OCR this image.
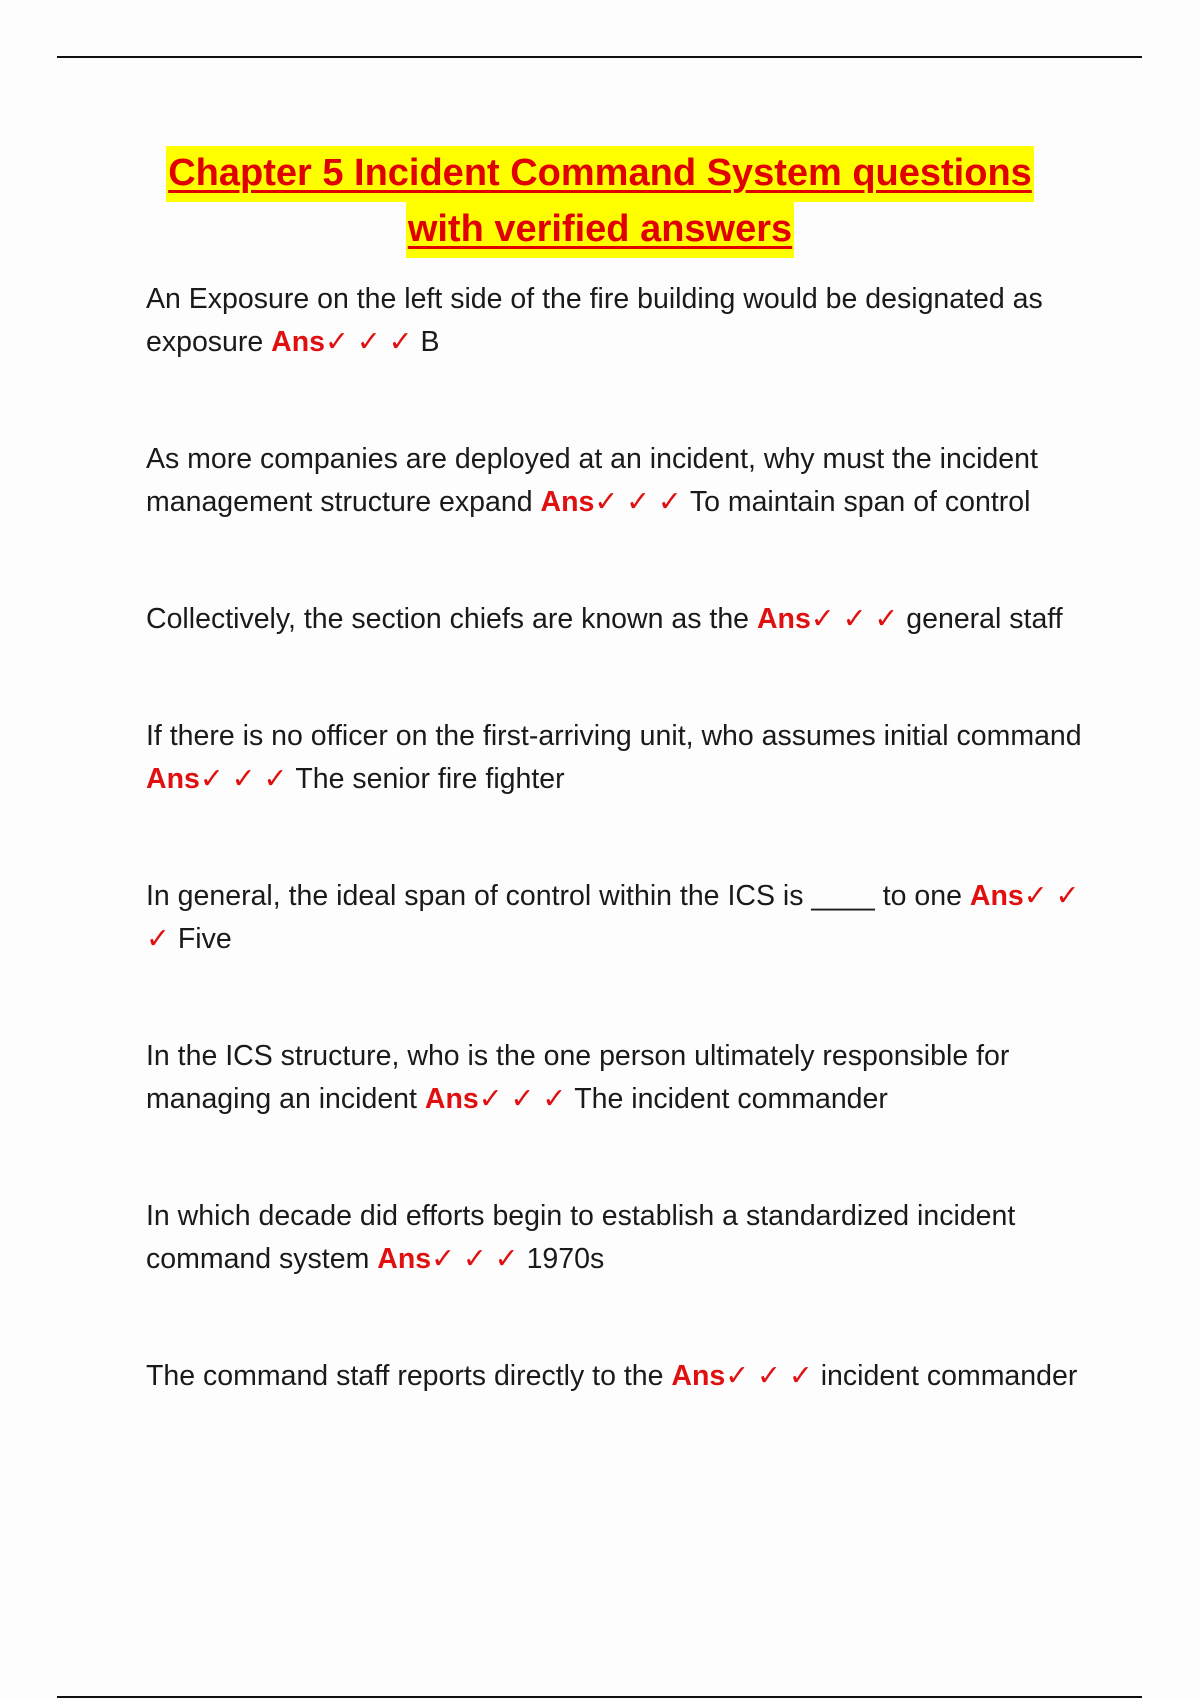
Chapter 5 Incident Command System questions
with verified answers

An Exposure on the left side of the fire building would be designated as exposure Ans✓ ✓ ✓ B

As more companies are deployed at an incident, why must the incident management structure expand Ans✓ ✓ ✓ To maintain span of control

Collectively, the section chiefs are known as the Ans✓ ✓ ✓ general staff

If there is no officer on the first-arriving unit, who assumes initial command Ans✓ ✓ ✓ The senior fire fighter

In general, the ideal span of control within the ICS is ____ to one Ans✓ ✓ ✓ Five

In the ICS structure, who is the one person ultimately responsible for managing an incident Ans✓ ✓ ✓ The incident commander

In which decade did efforts begin to establish a standardized incident command system Ans✓ ✓ ✓ 1970s

The command staff reports directly to the Ans✓ ✓ ✓ incident commander
